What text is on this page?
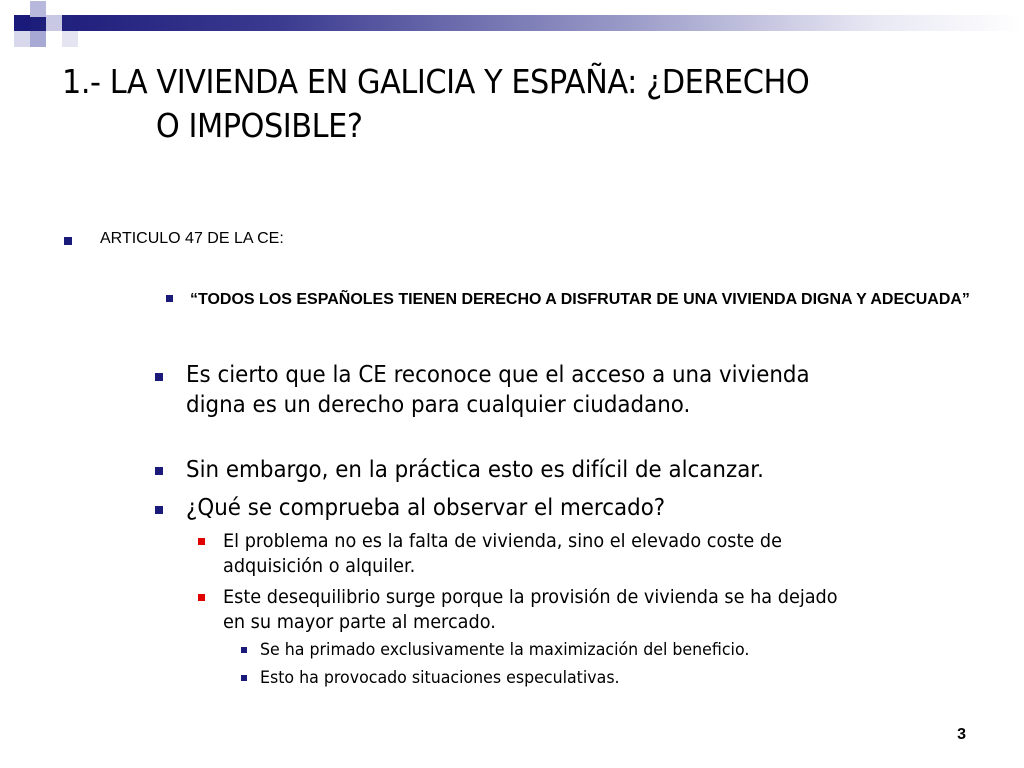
1.- LA VIVIENDA EN GALICIA Y ESPAÑA: ¿DERECHO
O IMPOSIBLE?

ARTICULO 47 DE LA CE:

“TODOS LOS ESPAÑOLES TIENEN DERECHO A DISFRUTAR DE UNA VIVIENDA DIGNA Y ADECUADA”

Es cierto que la CE reconoce que el acceso a una vivienda digna es un derecho para cualquier ciudadano.

Sin embargo, en la práctica esto es difícil de alcanzar.

¿Qué se comprueba al observar el mercado?

El problema no es la falta de vivienda, sino el elevado coste de adquisición o alquiler.

Este desequilibrio surge porque la provisión de vivienda se ha dejado en su mayor parte al mercado.

Se ha primado exclusivamente la maximización del beneficio.

Esto ha provocado situaciones especulativas.

3
